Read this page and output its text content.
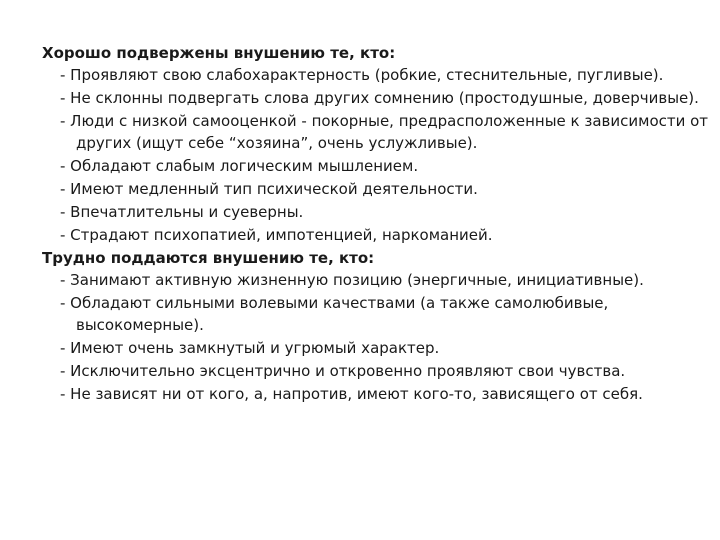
Хорошо подвержены внушению те, кто:
- Проявляют свою слабохарактерность (робкие, стеснительные, пугливые).
- Не склонны подвергать слова других сомнению (простодушные, доверчивые).
- Люди с низкой самооценкой - покорные, предрасположенные к зависимости от других (ищут себе “хозяина”, очень услужливые).
- Обладают слабым логическим мышлением.
- Имеют медленный тип психической деятельности.
- Впечатлительны и суеверны.
- Страдают психопатией, импотенцией, наркоманией.
Трудно поддаются внушению те, кто:
- Занимают активную жизненную позицию (энергичные, инициативные).
- Обладают сильными волевыми качествами (а также самолюбивые, высокомерные).
- Имеют очень замкнутый и угрюмый характер.
- Исключительно эксцентрично и откровенно проявляют свои чувства.
- Не зависят ни от кого, а, напротив, имеют кого-то, зависящего от себя.
